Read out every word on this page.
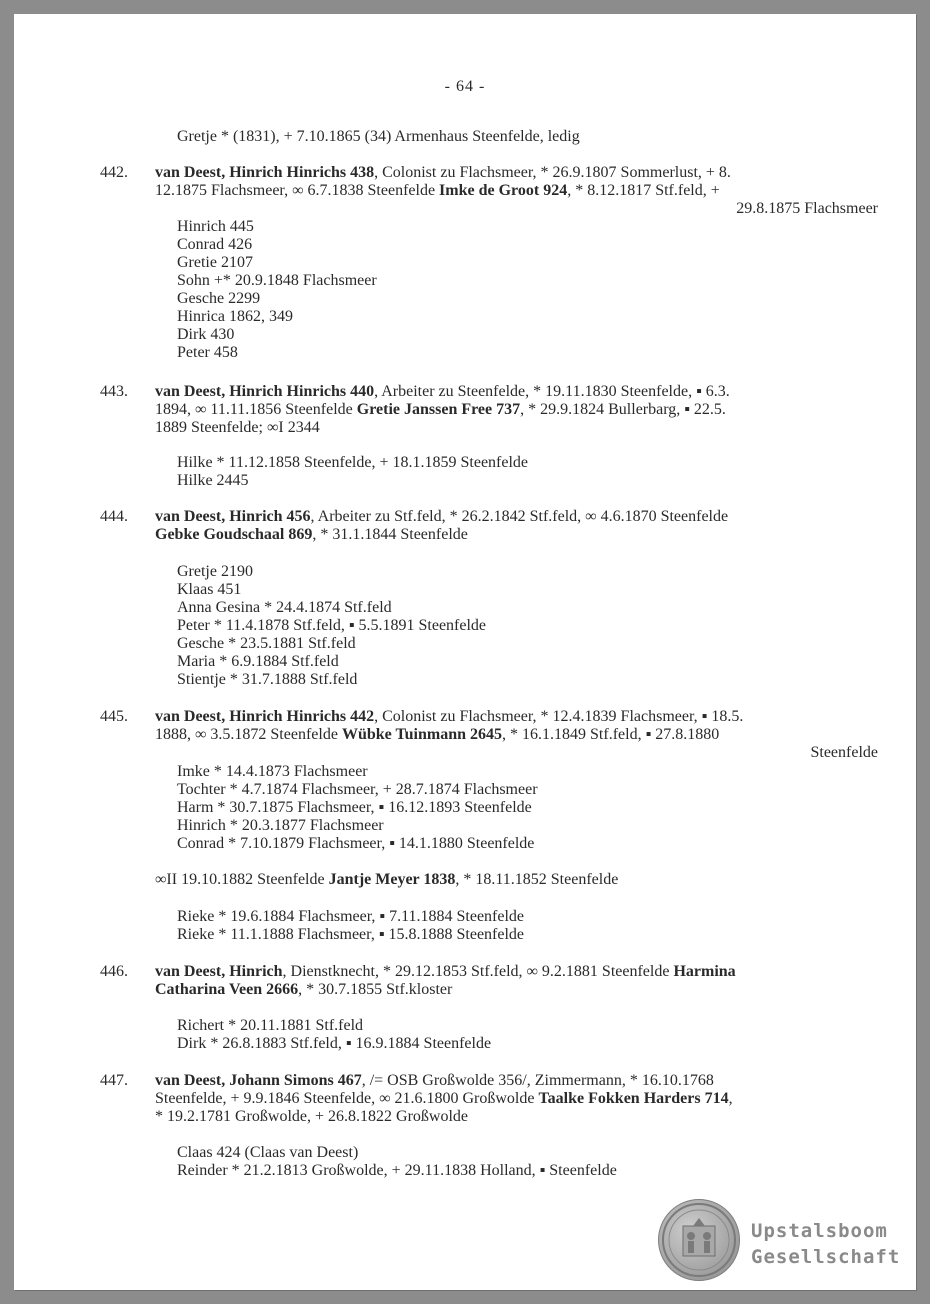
- 64 -
Gretje * (1831), + 7.10.1865 (34) Armenhaus Steenfelde, ledig
442. van Deest, Hinrich Hinrichs 438, Colonist zu Flachsmeer, * 26.9.1807 Sommerlust, + 8.
12.1875 Flachsmeer, ∞ 6.7.1838 Steenfelde Imke de Groot 924, * 8.12.1817 Stf.feld, +
29.8.1875 Flachsmeer
Hinrich 445
Conrad 426
Gretie 2107
Sohn +* 20.9.1848 Flachsmeer
Gesche 2299
Hinrica 1862, 349
Dirk 430
Peter 458
443. van Deest, Hinrich Hinrichs 440, Arbeiter zu Steenfelde, * 19.11.1830 Steenfelde, ▪ 6.3.
1894, ∞ 11.11.1856 Steenfelde Gretie Janssen Free 737, * 29.9.1824 Bullerbarg, ▪ 22.5.
1889 Steenfelde; ∞I 2344
Hilke * 11.12.1858 Steenfelde, + 18.1.1859 Steenfelde
Hilke 2445
444. van Deest, Hinrich 456, Arbeiter zu Stf.feld, * 26.2.1842 Stf.feld, ∞ 4.6.1870 Steenfelde
Gebke Goudschaal 869, * 31.1.1844 Steenfelde
Gretje 2190
Klaas 451
Anna Gesina * 24.4.1874 Stf.feld
Peter * 11.4.1878 Stf.feld, ▪ 5.5.1891 Steenfelde
Gesche * 23.5.1881 Stf.feld
Maria * 6.9.1884 Stf.feld
Stientje * 31.7.1888 Stf.feld
445. van Deest, Hinrich Hinrichs 442, Colonist zu Flachsmeer, * 12.4.1839 Flachsmeer, ▪ 18.5.
1888, ∞ 3.5.1872 Steenfelde Wübke Tuinmann 2645, * 16.1.1849 Stf.feld, ▪ 27.8.1880
Steenfelde
Imke * 14.4.1873 Flachsmeer
Tochter * 4.7.1874 Flachsmeer, + 28.7.1874 Flachsmeer
Harm * 30.7.1875 Flachsmeer, ▪ 16.12.1893 Steenfelde
Hinrich * 20.3.1877 Flachsmeer
Conrad * 7.10.1879 Flachsmeer, ▪ 14.1.1880 Steenfelde
∞II 19.10.1882 Steenfelde Jantje Meyer 1838, * 18.11.1852 Steenfelde
Rieke * 19.6.1884 Flachsmeer, ▪ 7.11.1884 Steenfelde
Rieke * 11.1.1888 Flachsmeer, ▪ 15.8.1888 Steenfelde
446. van Deest, Hinrich, Dienstknecht, * 29.12.1853 Stf.feld, ∞ 9.2.1881 Steenfelde Harmina
Catharina Veen 2666, * 30.7.1855 Stf.kloster
Richert * 20.11.1881 Stf.feld
Dirk * 26.8.1883 Stf.feld, ▪ 16.9.1884 Steenfelde
447. van Deest, Johann Simons 467, /= OSB Großwolde 356/, Zimmermann, * 16.10.1768
Steenfelde, + 9.9.1846 Steenfelde, ∞ 21.6.1800 Großwolde Taalke Fokken Harders 714,
* 19.2.1781 Großwolde, + 26.8.1822 Großwolde
Claas 424 (Claas van Deest)
Reinder * 21.2.1813 Großwolde, + 29.11.1838 Holland, ▪ Steenfelde
Upstalsboom
Gesellschaft
